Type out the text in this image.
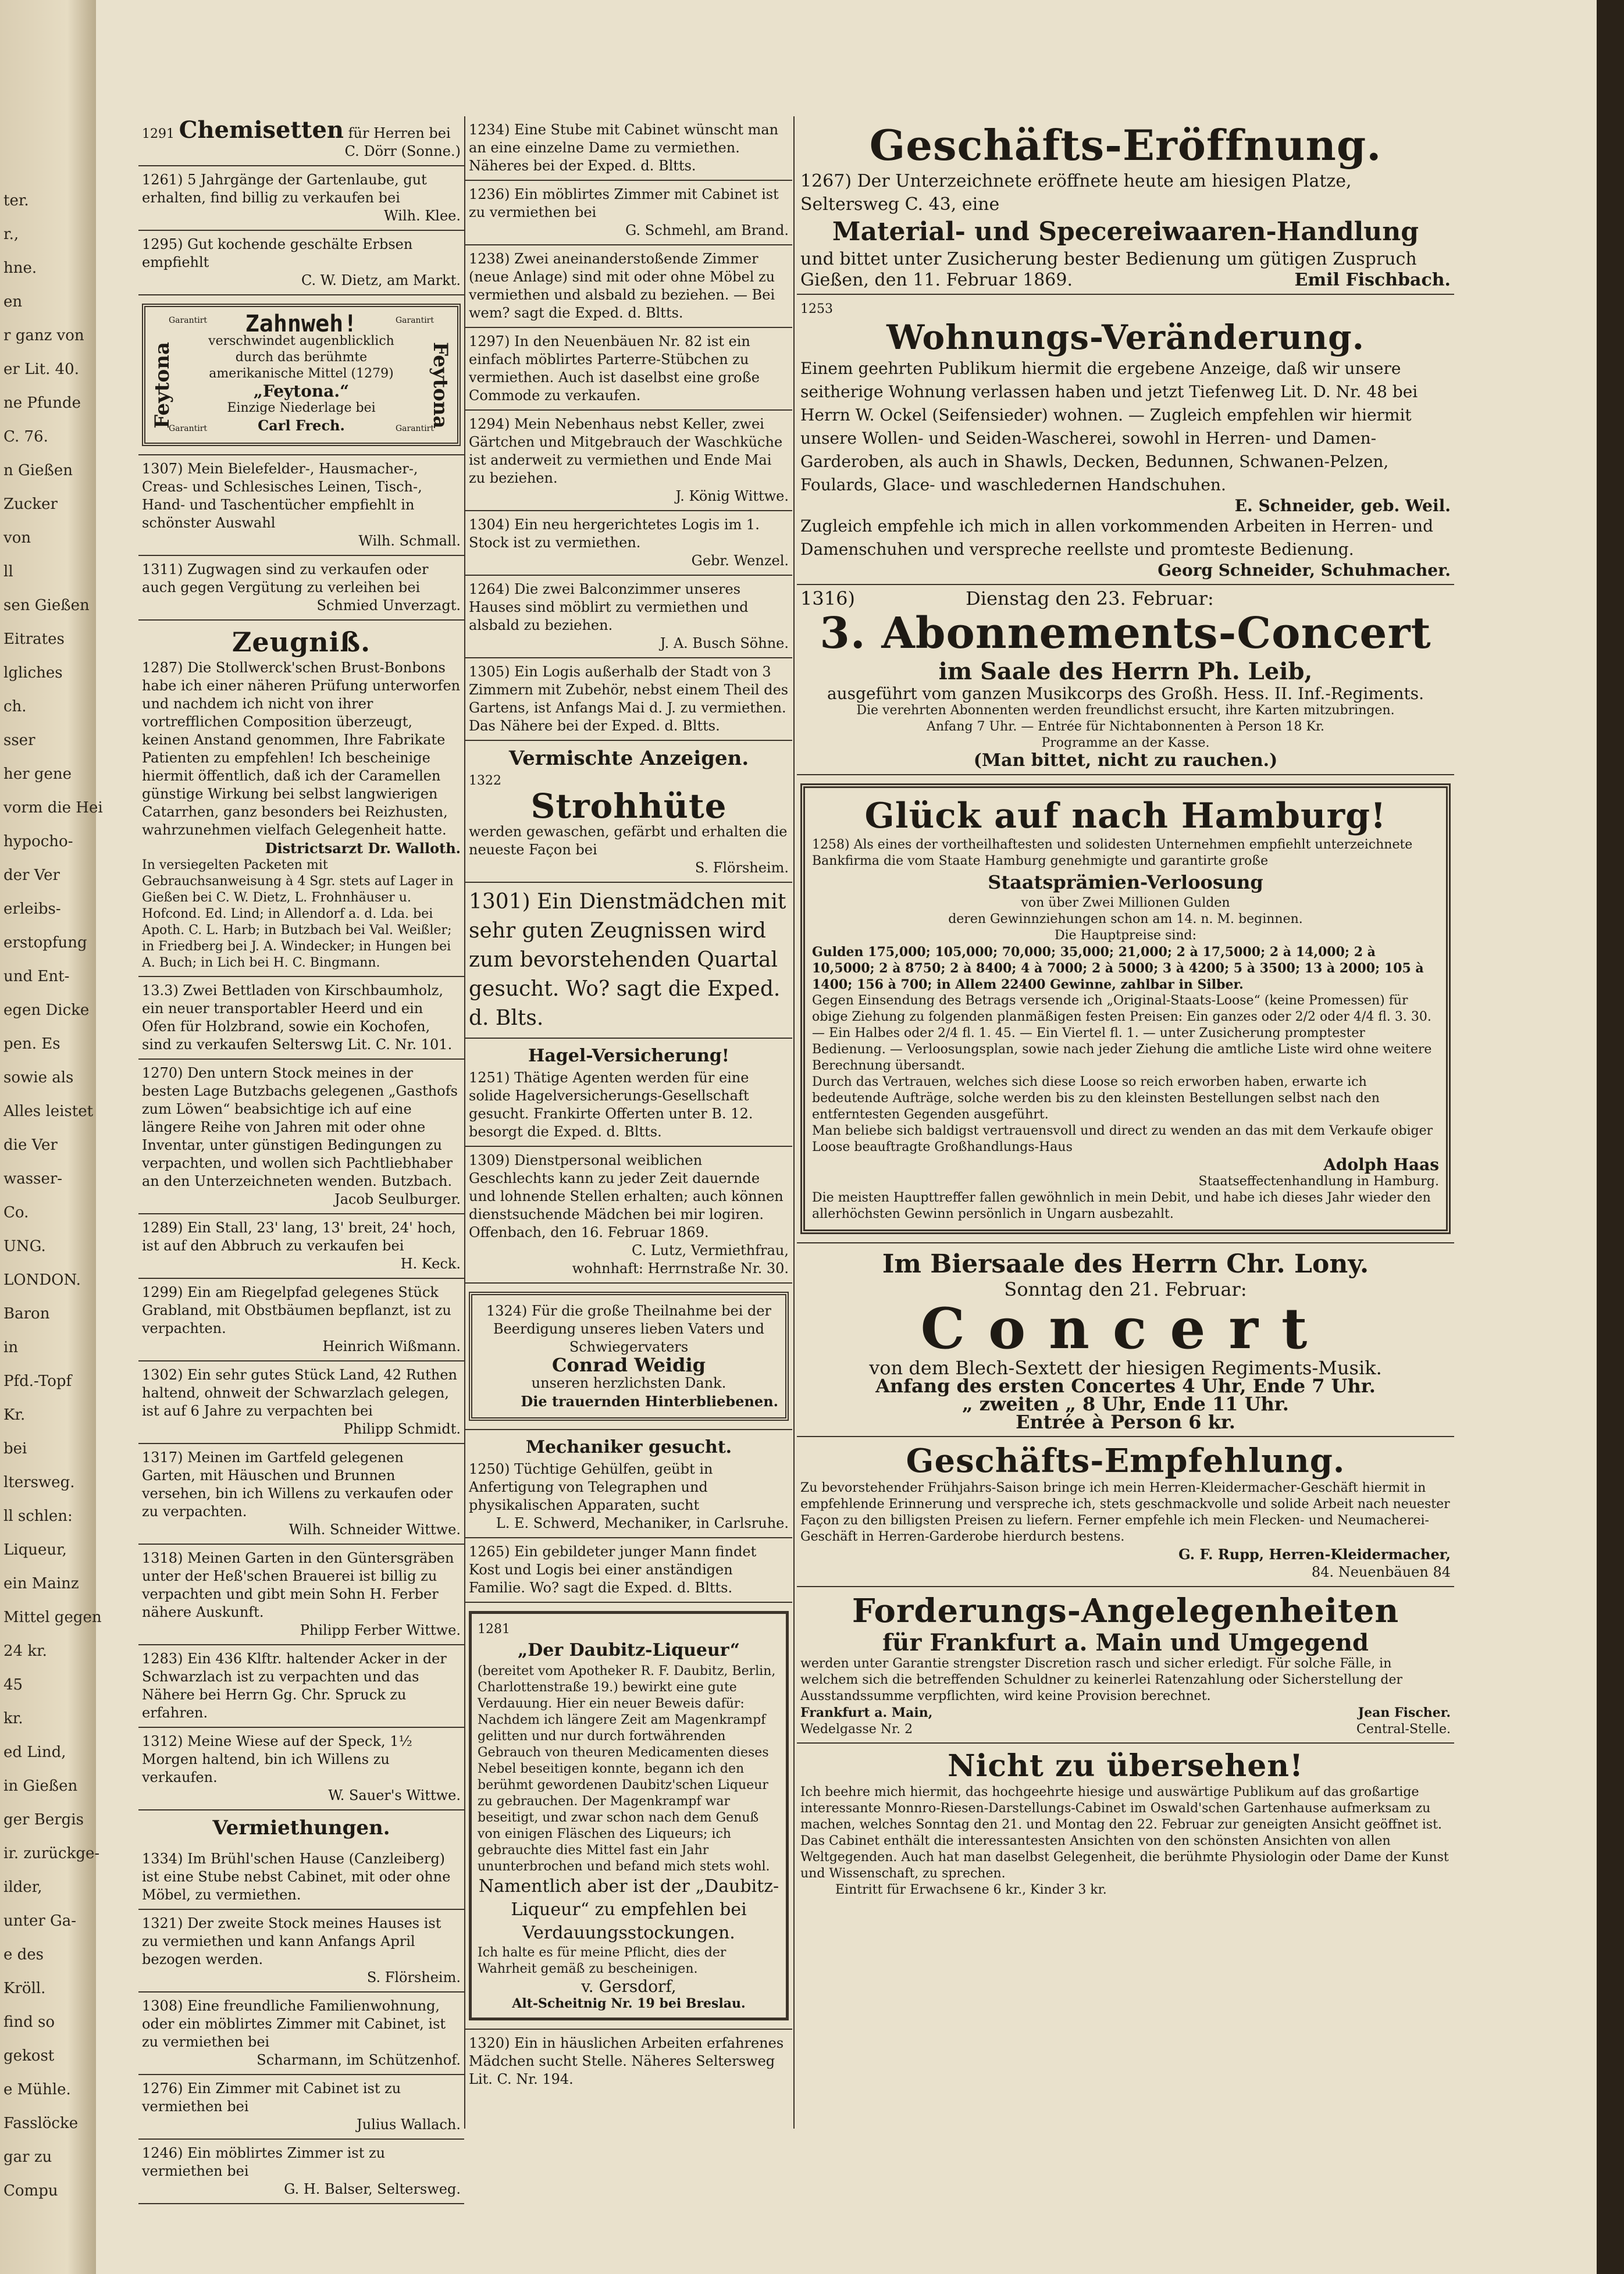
ter.
r.,
hne.
en
r ganz von
er Lit. 40.
ne Pfunde
C. 76.
n Gießen
Zucker
von
ll
sen Gießen
Eitrates
lgliches
ch.
sser
her gene
vorm die Hei
hypocho-
der Ver
erleibs-
erstopfung
und Ent-
egen Dicke
pen. Es
sowie als
Alles leistet
die Ver
wasser-
Co.
UNG.
LONDON.
Baron
in
Pfd.-Topf
Kr.
bei
ltersweg.
ll schlen:
Liqueur,
ein Mainz
Mittel gegen
24 kr.
45
kr.
ed Lind,
in Gießen
ger Bergis
ir. zurückge-
ilder,
unter Ga-
e des
Kröll.
find so
gekost
e Mühle.
Fasslöcke
gar zu
Compu
1291 Chemisetten für Herren bei

C. Dörr (Sonne.)

1261) 5 Jahrgänge der Gartenlaube, gut erhalten, find billig zu verkaufen bei

Wilh. Klee.

1295) Gut kochende geschälte Erbsen empfiehlt

C. W. Dietz, am Markt.

Feytona	Feytona
Garantirt	Garantirt
Garantirt	Garantirt
Zahnweh!
verschwindet augenblicklich durch das berühmte amerikanische Mittel (1279)
„Feytona.“
Einzige Niederlage bei
Carl Frech.

1307) Mein Bielefelder-, Hausmacher-, Creas- und Schlesisches Leinen, Tisch-, Hand- und Taschentücher empfiehlt in schönster Auswahl

Wilh. Schmall.

1311) Zugwagen sind zu verkaufen oder auch gegen Vergütung zu verleihen bei

Schmied Unverzagt.

Zeugniß.

1287) Die Stollwerck'schen Brust-Bonbons habe ich einer näheren Prüfung unterworfen und nachdem ich nicht von ihrer vortrefflichen Composition überzeugt, keinen Anstand genommen, Ihre Fabrikate Patienten zu empfehlen! Ich bescheinige hiermit öffentlich, daß ich der Caramellen günstige Wirkung bei selbst langwierigen Catarrhen, ganz besonders bei Reizhusten, wahrzunehmen vielfach Gelegenheit hatte.

Districtsarzt Dr. Walloth.

In versiegelten Packeten mit Gebrauchsanweisung à 4 Sgr. stets auf Lager in Gießen bei C. W. Dietz, L. Frohnhäuser u. Hofcond. Ed. Lind; in Allendorf a. d. Lda. bei Apoth. C. L. Harb; in Butzbach bei Val. Weißler; in Friedberg bei J. A. Windecker; in Hungen bei A. Buch; in Lich bei H. C. Bingmann.

13.3) Zwei Bettladen von Kirschbaumholz, ein neuer transportabler Heerd und ein Ofen für Holzbrand, sowie ein Kochofen, sind zu verkaufen Selterswg Lit. C. Nr. 101.

1270) Den untern Stock meines in der besten Lage Butzbachs gelegenen „Gasthofs zum Löwen“ beabsichtige ich auf eine längere Reihe von Jahren mit oder ohne Inventar, unter günstigen Bedingungen zu verpachten, und wollen sich Pachtliebhaber an den Unterzeichneten wenden. Butzbach.

Jacob Seulburger.

1289) Ein Stall, 23' lang, 13' breit, 24' hoch, ist auf den Abbruch zu verkaufen bei

H. Keck.

1299) Ein am Riegelpfad gelegenes Stück Grabland, mit Obstbäumen bepflanzt, ist zu verpachten.

Heinrich Wißmann.

1302) Ein sehr gutes Stück Land, 42 Ruthen haltend, ohnweit der Schwarzlach gelegen, ist auf 6 Jahre zu verpachten bei

Philipp Schmidt.

1317) Meinen im Gartfeld gelegenen Garten, mit Häuschen und Brunnen versehen, bin ich Willens zu verkaufen oder zu verpachten.

Wilh. Schneider Wittwe.

1318) Meinen Garten in den Güntersgräben unter der Heß'schen Brauerei ist billig zu verpachten und gibt mein Sohn H. Ferber nähere Auskunft.

Philipp Ferber Wittwe.

1283) Ein 436 Klftr. haltender Acker in der Schwarzlach ist zu verpachten und das Nähere bei Herrn Gg. Chr. Spruck zu erfahren.

1312) Meine Wiese auf der Speck, 1½ Morgen haltend, bin ich Willens zu verkaufen.

W. Sauer's Wittwe.

Vermiethungen.

1334) Im Brühl'schen Hause (Canzleiberg) ist eine Stube nebst Cabinet, mit oder ohne Möbel, zu vermiethen.

1321) Der zweite Stock meines Hauses ist zu vermiethen und kann Anfangs April bezogen werden.

S. Flörsheim.

1308) Eine freundliche Familienwohnung, oder ein möblirtes Zimmer mit Cabinet, ist zu vermiethen bei

Scharmann, im Schützenhof.

1276) Ein Zimmer mit Cabinet ist zu vermiethen bei

Julius Wallach.

1246) Ein möblirtes Zimmer ist zu vermiethen bei

G. H. Balser, Seltersweg.

1234) Eine Stube mit Cabinet wünscht man an eine einzelne Dame zu vermiethen. Näheres bei der Exped. d. Bltts.

1236) Ein möblirtes Zimmer mit Cabinet ist zu vermiethen bei

G. Schmehl, am Brand.

1238) Zwei aneinanderstoßende Zimmer (neue Anlage) sind mit oder ohne Möbel zu vermiethen und alsbald zu beziehen. — Bei wem? sagt die Exped. d. Bltts.

1297) In den Neuenbäuen Nr. 82 ist ein einfach möblirtes Parterre-Stübchen zu vermiethen. Auch ist daselbst eine große Commode zu verkaufen.

1294) Mein Nebenhaus nebst Keller, zwei Gärtchen und Mitgebrauch der Waschküche ist anderweit zu vermiethen und Ende Mai zu beziehen.

J. König Wittwe.

1304) Ein neu hergerichtetes Logis im 1. Stock ist zu vermiethen.

Gebr. Wenzel.

1264) Die zwei Balconzimmer unseres Hauses sind möblirt zu vermiethen und alsbald zu beziehen.

J. A. Busch Söhne.

1305) Ein Logis außerhalb der Stadt von 3 Zimmern mit Zubehör, nebst einem Theil des Gartens, ist Anfangs Mai d. J. zu vermiethen. Das Nähere bei der Exped. d. Bltts.

Vermischte Anzeigen.
1322
Strohhüte

werden gewaschen, gefärbt und erhalten die neueste Façon bei

S. Flörsheim.

1301) Ein Dienstmädchen mit sehr guten Zeugnissen wird zum bevorstehenden Quartal gesucht. Wo? sagt die Exped. d. Blts.

Hagel-Versicherung!

1251) Thätige Agenten werden für eine solide Hagelversicherungs-Gesellschaft gesucht. Frankirte Offerten unter B. 12. besorgt die Exped. d. Bltts.

1309) Dienstpersonal weiblichen Geschlechts kann zu jeder Zeit dauernde und lohnende Stellen erhalten; auch können dienstsuchende Mädchen bei mir logiren. Offenbach, den 16. Februar 1869.

C. Lutz, Vermiethfrau,

wohnhaft: Herrnstraße Nr. 30.

1324) Für die große Theilnahme bei der Beerdigung unseres lieben Vaters und Schwiegervaters

Conrad Weidig

unseren herzlichsten Dank.

Die trauernden Hinterbliebenen.

Mechaniker gesucht.

1250) Tüchtige Gehülfen, geübt in Anfertigung von Telegraphen und physikalischen Apparaten, sucht

L. E. Schwerd, Mechaniker, in Carlsruhe.

1265) Ein gebildeter junger Mann findet Kost und Logis bei einer anständigen Familie. Wo? sagt die Exped. d. Bltts.

1281
„Der Daubitz-Liqueur“

(bereitet vom Apotheker R. F. Daubitz, Berlin, Charlottenstraße 19.) bewirkt eine gute Verdauung. Hier ein neuer Beweis dafür: Nachdem ich längere Zeit am Magenkrampf gelitten und nur durch fortwährenden Gebrauch von theuren Medicamenten dieses Nebel beseitigen konnte, begann ich den berühmt gewordenen Daubitz'schen Liqueur zu gebrauchen. Der Magenkrampf war beseitigt, und zwar schon nach dem Genuß von einigen Fläschen des Liqueurs; ich gebrauchte dies Mittel fast ein Jahr ununterbrochen und befand mich stets wohl.

Namentlich aber ist der „Daubitz-Liqueur“ zu empfehlen bei Verdauungsstockungen.

Ich halte es für meine Pflicht, dies der Wahrheit gemäß zu bescheinigen.

v. Gersdorf,

Alt-Scheitnig Nr. 19 bei Breslau.

1320) Ein in häuslichen Arbeiten erfahrenes Mädchen sucht Stelle. Näheres Seltersweg Lit. C. Nr. 194.

Geschäfts-Eröffnung.

1267) Der Unterzeichnete eröffnete heute am hiesigen Platze, Seltersweg C. 43, eine

Material- und Specereiwaaren-Handlung

und bittet unter Zusicherung bester Bedienung um gütigen Zuspruch

Gießen, den 11. Februar 1869.	Emil Fischbach.

1253
Wohnungs-Veränderung.

Einem geehrten Publikum hiermit die ergebene Anzeige, daß wir unsere seitherige Wohnung verlassen haben und jetzt Tiefenweg Lit. D. Nr. 48 bei Herrn W. Ockel (Seifensieder) wohnen. — Zugleich empfehlen wir hiermit unsere Wollen- und Seiden-Wascherei, sowohl in Herren- und Damen-Garderoben, als auch in Shawls, Decken, Bedunnen, Schwanen-Pelzen, Foulards, Glace- und waschledernen Handschuhen.

E. Schneider, geb. Weil.

Zugleich empfehle ich mich in allen vorkommenden Arbeiten in Herren- und Damenschuhen und verspreche reellste und promteste Bedienung.

Georg Schneider, Schuhmacher.

1316)	Dienstag den 23. Februar:

3. Abonnements-Concert
im Saale des Herrn Ph. Leib,

ausgeführt vom ganzen Musikcorps des Großh. Hess. II. Inf.-Regiments.

Die verehrten Abonnenten werden freundlichst ersucht, ihre Karten mitzubringen.

Anfang 7 Uhr. — Entrée für Nichtabonnenten à Person 18 Kr.

Programme an der Kasse.

(Man bittet, nicht zu rauchen.)

Glück auf nach Hamburg!

1258) Als eines der vortheilhaftesten und solidesten Unternehmen empfiehlt unterzeichnete Bankfirma die vom Staate Hamburg genehmigte und garantirte große

Staatsprämien-Verloosung

von über Zwei Millionen Gulden

deren Gewinnziehungen schon am 14. n. M. beginnen.

Die Hauptpreise sind:

Gulden 175,000; 105,000; 70,000; 35,000; 21,000; 2 à 17,5000; 2 à 14,000; 2 à 10,5000; 2 à 8750; 2 à 8400; 4 à 7000; 2 à 5000; 3 à 4200; 5 à 3500; 13 à 2000; 105 à 1400; 156 à 700; in Allem 22400 Gewinne, zahlbar in Silber.

Gegen Einsendung des Betrags versende ich „Original-Staats-Loose“ (keine Promessen) für obige Ziehung zu folgenden planmäßigen festen Preisen: Ein ganzes oder 2/2 oder 4/4 fl. 3. 30. — Ein Halbes oder 2/4 fl. 1. 45. — Ein Viertel fl. 1. — unter Zusicherung promptester Bedienung. — Verloosungsplan, sowie nach jeder Ziehung die amtliche Liste wird ohne weitere Berechnung übersandt.

Durch das Vertrauen, welches sich diese Loose so reich erworben haben, erwarte ich bedeutende Aufträge, solche werden bis zu den kleinsten Bestellungen selbst nach den entferntesten Gegenden ausgeführt.

Man beliebe sich baldigst vertrauensvoll und direct zu wenden an das mit dem Verkaufe obiger Loose beauftragte Großhandlungs-Haus

Adolph Haas

Staatseffectenhandlung in Hamburg.

Die meisten Haupttreffer fallen gewöhnlich in mein Debit, und habe ich dieses Jahr wieder den allerhöchsten Gewinn persönlich in Ungarn ausbezahlt.

Im Biersaale des Herrn Chr. Lony.

Sonntag den 21. Februar:

Concert

von dem Blech-Sextett der hiesigen Regiments-Musik.

Anfang des ersten Concertes 4 Uhr, Ende 7 Uhr.

„ zweiten „ 8 Uhr, Ende 11 Uhr.

Entrée à Person 6 kr.

Geschäfts-Empfehlung.

Zu bevorstehender Frühjahrs-Saison bringe ich mein Herren-Kleidermacher-Geschäft hiermit in empfehlende Erinnerung und verspreche ich, stets geschmackvolle und solide Arbeit nach neuester Façon zu den billigsten Preisen zu liefern. Ferner empfehle ich mein Flecken- und Neumacherei-Geschäft in Herren-Garderobe hierdurch bestens.

G. F. Rupp, Herren-Kleidermacher,

84. Neuenbäuen 84

Forderungs-Angelegenheiten
für Frankfurt a. Main und Umgegend

werden unter Garantie strengster Discretion rasch und sicher erledigt. Für solche Fälle, in welchem sich die betreffenden Schuldner zu keinerlei Ratenzahlung oder Sicherstellung der Ausstandssumme verpflichten, wird keine Provision berechnet.

Frankfurt a. Main,	Jean Fischer.

Wedelgasse Nr. 2	Central-Stelle.

Nicht zu übersehen!

Ich beehre mich hiermit, das hochgeehrte hiesige und auswärtige Publikum auf das großartige interessante Monnro-Riesen-Darstellungs-Cabinet im Oswald'schen Gartenhause aufmerksam zu machen, welches Sonntag den 21. und Montag den 22. Februar zur geneigten Ansicht geöffnet ist. Das Cabinet enthält die interessantesten Ansichten von den schönsten Ansichten von allen Weltgegenden. Auch hat man daselbst Gelegenheit, die berühmte Physiologin oder Dame der Kunst und Wissenschaft, zu sprechen.

Eintritt für Erwachsene 6 kr., Kinder 3 kr.
